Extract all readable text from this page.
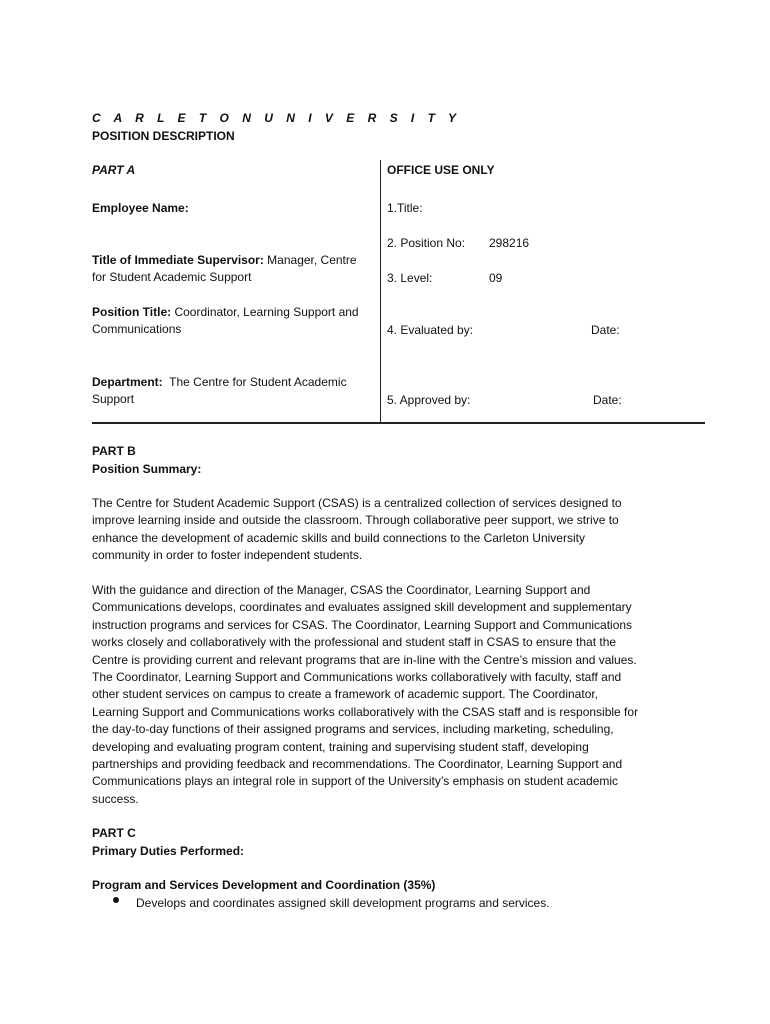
C A R L E T O N U N I V E R S I T Y
POSITION DESCRIPTION
PART A
Employee Name:
Title of Immediate Supervisor: Manager, Centre
for Student Academic Support
Position Title: Coordinator, Learning Support and
Communications
Department: The Centre for Student Academic
Support
OFFICE USE ONLY
1.Title:
2. Position No: 298216
3. Level:	09
4. Evaluated by:	Date:
5. Approved by:	Date:
PART B
Position Summary:
The Centre for Student Academic Support (CSAS) is a centralized collection of services designed to
improve learning inside and outside the classroom. Through collaborative peer support, we strive to
enhance the development of academic skills and build connections to the Carleton University
community in order to foster independent students.
With the guidance and direction of the Manager, CSAS the Coordinator, Learning Support and
Communications develops, coordinates and evaluates assigned skill development and supplementary
instruction programs and services for CSAS. The Coordinator, Learning Support and Communications
works closely and collaboratively with the professional and student staff in CSAS to ensure that the
Centre is providing current and relevant programs that are in-line with the Centre’s mission and values.
The Coordinator, Learning Support and Communications works collaboratively with faculty, staff and
other student services on campus to create a framework of academic support. The Coordinator,
Learning Support and Communications works collaboratively with the CSAS staff and is responsible for
the day-to-day functions of their assigned programs and services, including marketing, scheduling,
developing and evaluating program content, training and supervising student staff, developing
partnerships and providing feedback and recommendations. The Coordinator, Learning Support and
Communications plays an integral role in support of the University’s emphasis on student academic
success.
PART C
Primary Duties Performed:
Program and Services Development and Coordination (35%)
Develops and coordinates assigned skill development programs and services.
